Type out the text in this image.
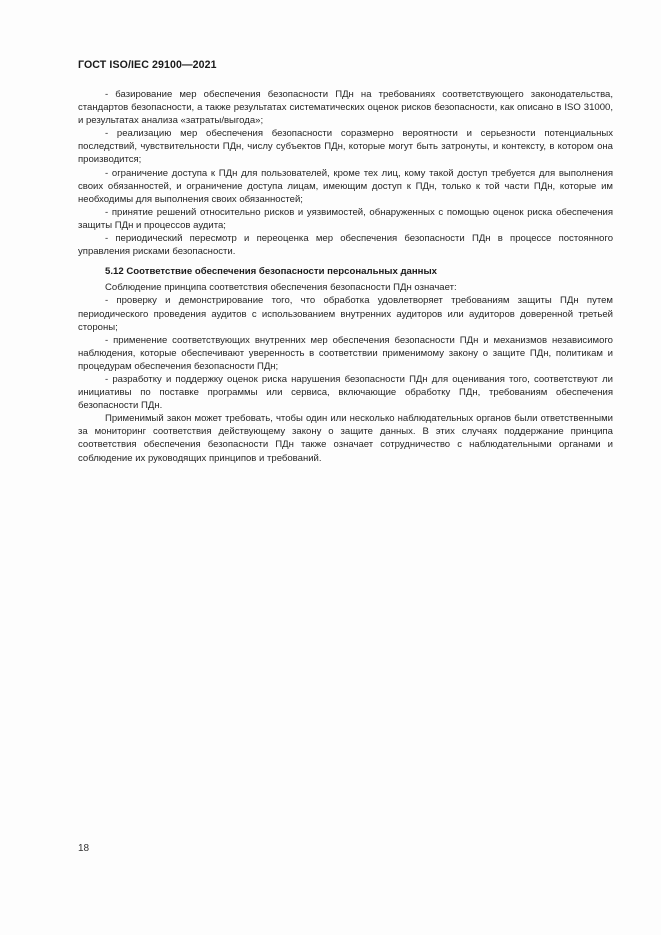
ГОСТ ISO/IEC 29100—2021

- базирование мер обеспечения безопасности ПДн на требованиях соответствующего законодательства, стандартов безопасности, а также результатах систематических оценок рисков безопасности, как описано в ISO 31000, и результатах анализа «затраты/выгода»;

- реализацию мер обеспечения безопасности соразмерно вероятности и серьезности потенциальных последствий, чувствительности ПДн, числу субъектов ПДн, которые могут быть затронуты, и контексту, в котором она производится;

- ограничение доступа к ПДн для пользователей, кроме тех лиц, кому такой доступ требуется для выполнения своих обязанностей, и ограничение доступа лицам, имеющим доступ к ПДн, только к той части ПДн, которые им необходимы для выполнения своих обязанностей;

- принятие решений относительно рисков и уязвимостей, обнаруженных с помощью оценок риска обеспечения защиты ПДн и процессов аудита;

- периодический пересмотр и переоценка мер обеспечения безопасности ПДн в процессе постоянного управления рисками безопасности.

5.12 Соответствие обеспечения безопасности персональных данных

Соблюдение принципа соответствия обеспечения безопасности ПДн означает:

- проверку и демонстрирование того, что обработка удовлетворяет требованиям защиты ПДн путем периодического проведения аудитов с использованием внутренних аудиторов или аудиторов доверенной третьей стороны;

- применение соответствующих внутренних мер обеспечения безопасности ПДн и механизмов независимого наблюдения, которые обеспечивают уверенность в соответствии применимому закону о защите ПДн, политикам и процедурам обеспечения безопасности ПДн;

- разработку и поддержку оценок риска нарушения безопасности ПДн для оценивания того, соответствуют ли инициативы по поставке программы или сервиса, включающие обработку ПДн, требованиям обеспечения безопасности ПДн.

Применимый закон может требовать, чтобы один или несколько наблюдательных органов были ответственными за мониторинг соответствия действующему закону о защите данных. В этих случаях поддержание принципа соответствия обеспечения безопасности ПДн также означает сотрудничество с наблюдательными органами и соблюдение их руководящих принципов и требований.

18
